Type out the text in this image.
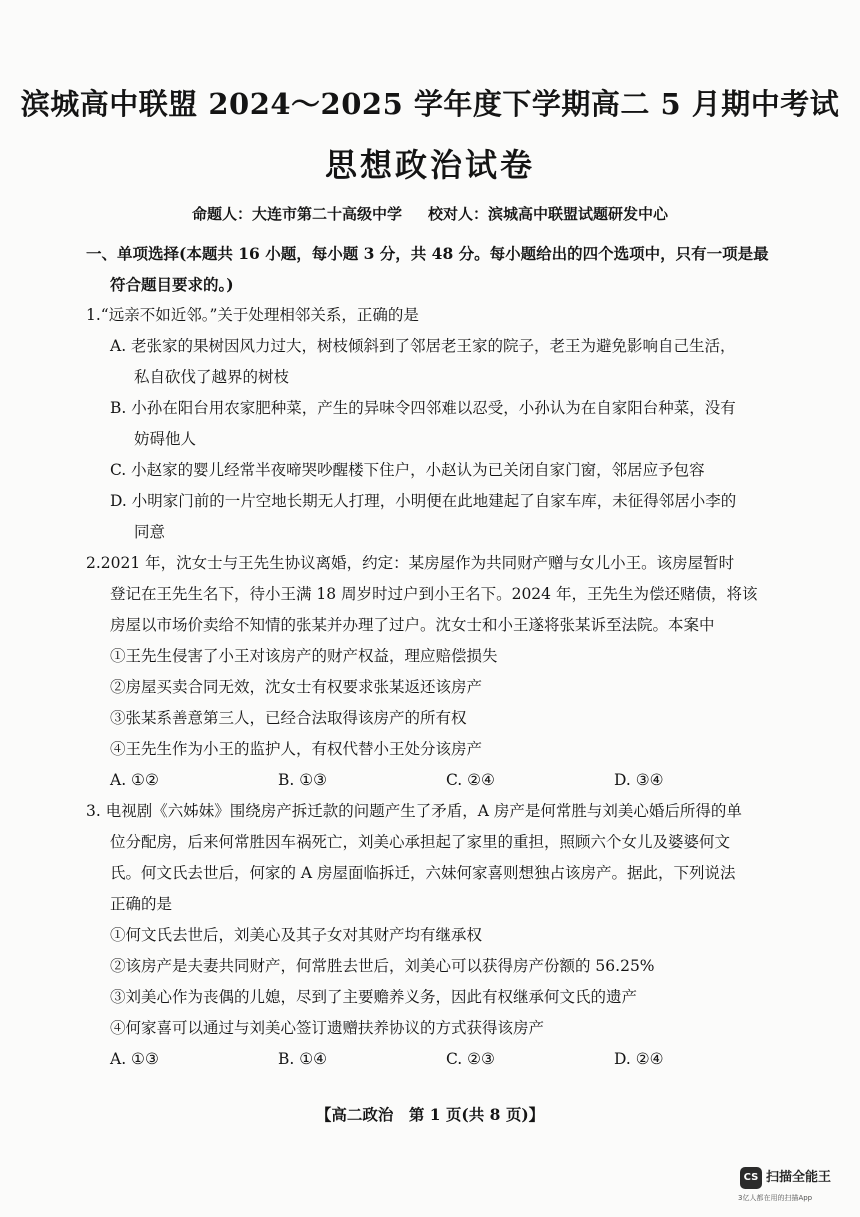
滨城高中联盟 2024～2025 学年度下学期高二 5 月期中考试
思想政治试卷
命题人：大连市第二十高级中学 校对人：滨城高中联盟试题研发中心
一、单项选择(本题共 16 小题，每小题 3 分，共 48 分。每小题给出的四个选项中，只有一项是最
符合题目要求的。)
1.“远亲不如近邻。”关于处理相邻关系，正确的是
A. 老张家的果树因风力过大，树枝倾斜到了邻居老王家的院子，老王为避免影响自己生活，
私自砍伐了越界的树枝
B. 小孙在阳台用农家肥种菜，产生的异味令四邻难以忍受，小孙认为在自家阳台种菜，没有
妨碍他人
C. 小赵家的婴儿经常半夜啼哭吵醒楼下住户，小赵认为已关闭自家门窗，邻居应予包容
D. 小明家门前的一片空地长期无人打理，小明便在此地建起了自家车库，未征得邻居小李的
同意
2.2021 年，沈女士与王先生协议离婚，约定：某房屋作为共同财产赠与女儿小王。该房屋暂时
登记在王先生名下，待小王满 18 周岁时过户到小王名下。2024 年，王先生为偿还赌债，将该
房屋以市场价卖给不知情的张某并办理了过户。沈女士和小王遂将张某诉至法院。本案中
①王先生侵害了小王对该房产的财产权益，理应赔偿损失
②房屋买卖合同无效，沈女士有权要求张某返还该房产
③张某系善意第三人，已经合法取得该房产的所有权
④王先生作为小王的监护人，有权代替小王处分该房产
A. ①②	B. ①③	C. ②④	D. ③④
3. 电视剧《六姊妹》围绕房产拆迁款的问题产生了矛盾，A 房产是何常胜与刘美心婚后所得的单
位分配房，后来何常胜因车祸死亡，刘美心承担起了家里的重担，照顾六个女儿及婆婆何文
氏。何文氏去世后，何家的 A 房屋面临拆迁，六妹何家喜则想独占该房产。据此，下列说法
正确的是
①何文氏去世后，刘美心及其子女对其财产均有继承权
②该房产是夫妻共同财产，何常胜去世后，刘美心可以获得房产份额的 56.25%
③刘美心作为丧偶的儿媳，尽到了主要赡养义务，因此有权继承何文氏的遗产
④何家喜可以通过与刘美心签订遗赠扶养协议的方式获得该房产
A. ①③	B. ①④	C. ②③	D. ②④
【高二政治　第 1 页(共 8 页)】
CS 扫描全能王
3亿人都在用的扫描App
